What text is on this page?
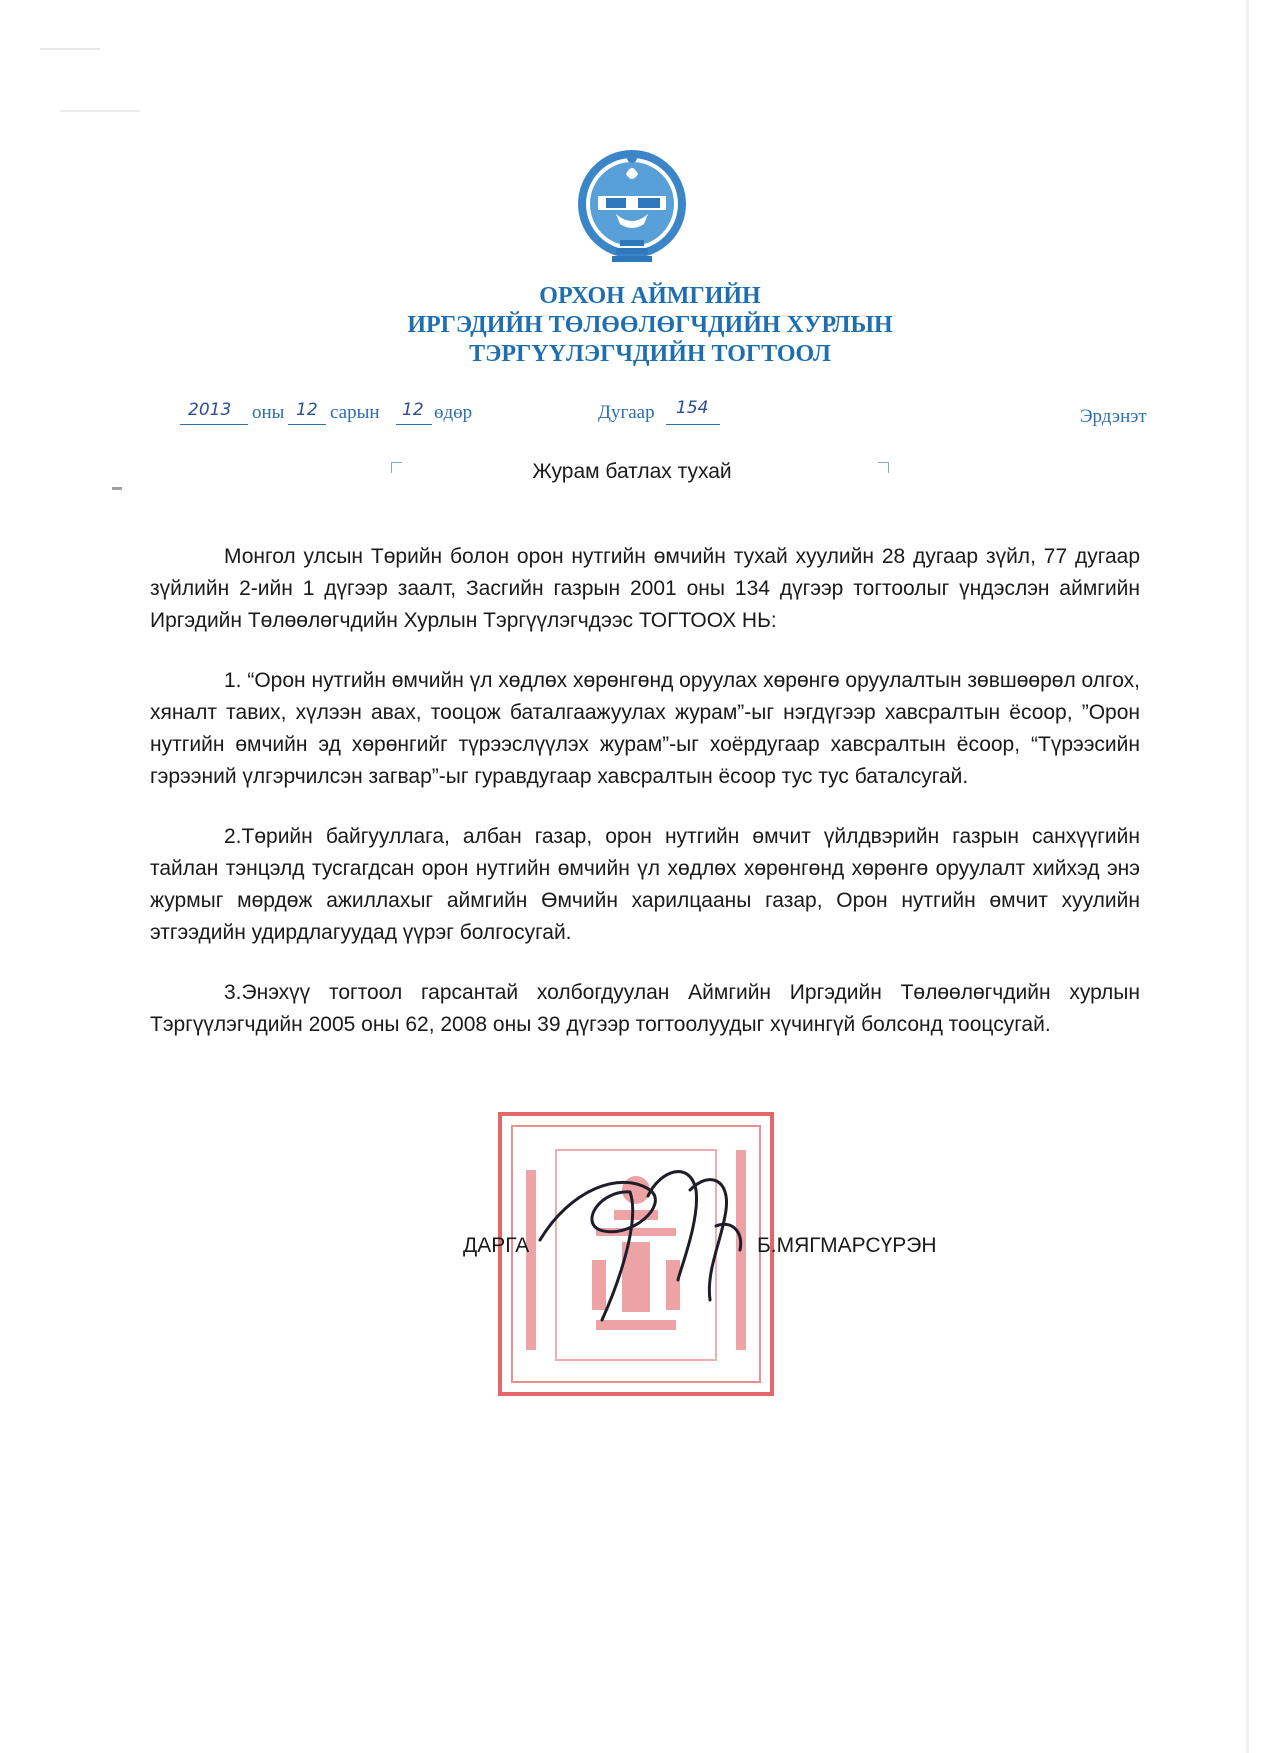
ОРХОН АЙМГИЙН
ИРГЭДИЙН ТӨЛӨӨЛӨГЧДИЙН ХУРЛЫН
ТЭРГҮҮЛЭГЧДИЙН ТОГТООЛ
2013 оны 12 сарын 12 өдөр	Дугаар 154	Эрдэнэт
Журам батлах тухай

Монгол улсын Төрийн болон орон нутгийн өмчийн тухай хуулийн 28 дугаар зүйл, 77 дугаар зүйлийн 2-ийн 1 дүгээр заалт, Засгийн газрын 2001 оны 134 дүгээр тогтоолыг үндэслэн аймгийн Иргэдийн Төлөөлөгчдийн Хурлын Тэргүүлэгчдээс ТОГТООХ НЬ:

1. “Орон нутгийн өмчийн үл хөдлөх хөрөнгөнд оруулах хөрөнгө оруулалтын зөвшөөрөл олгох, хяналт тавих, хүлээн авах, тооцож баталгаажуулах журам”-ыг нэгдүгээр хавсралтын ёсоор, ”Орон нутгийн өмчийн эд хөрөнгийг түрээслүүлэх журам”-ыг хоёрдугаар хавсралтын ёсоор, “Түрээсийн гэрээний үлгэрчилсэн загвар”-ыг гуравдугаар хавсралтын ёсоор тус тус баталсугай.

2.Төрийн байгууллага, албан газар, орон нутгийн өмчит үйлдвэрийн газрын санхүүгийн тайлан тэнцэлд тусгагдсан орон нутгийн өмчийн үл хөдлөх хөрөнгөнд хөрөнгө оруулалт хийхэд энэ журмыг мөрдөж ажиллахыг аймгийн Өмчийн харилцааны газар, Орон нутгийн өмчит хуулийн этгээдийн удирдлагуудад үүрэг болгосугай.

3.Энэхүү тогтоол гарсантай холбогдуулан Аймгийн Иргэдийн Төлөөлөгчдийн хурлын Тэргүүлэгчдийн 2005 оны 62, 2008 оны 39 дүгээр тогтоолуудыг хүчингүй болсонд тооцсугай.

ДАРГА	Б.МЯГМАРСҮРЭН
